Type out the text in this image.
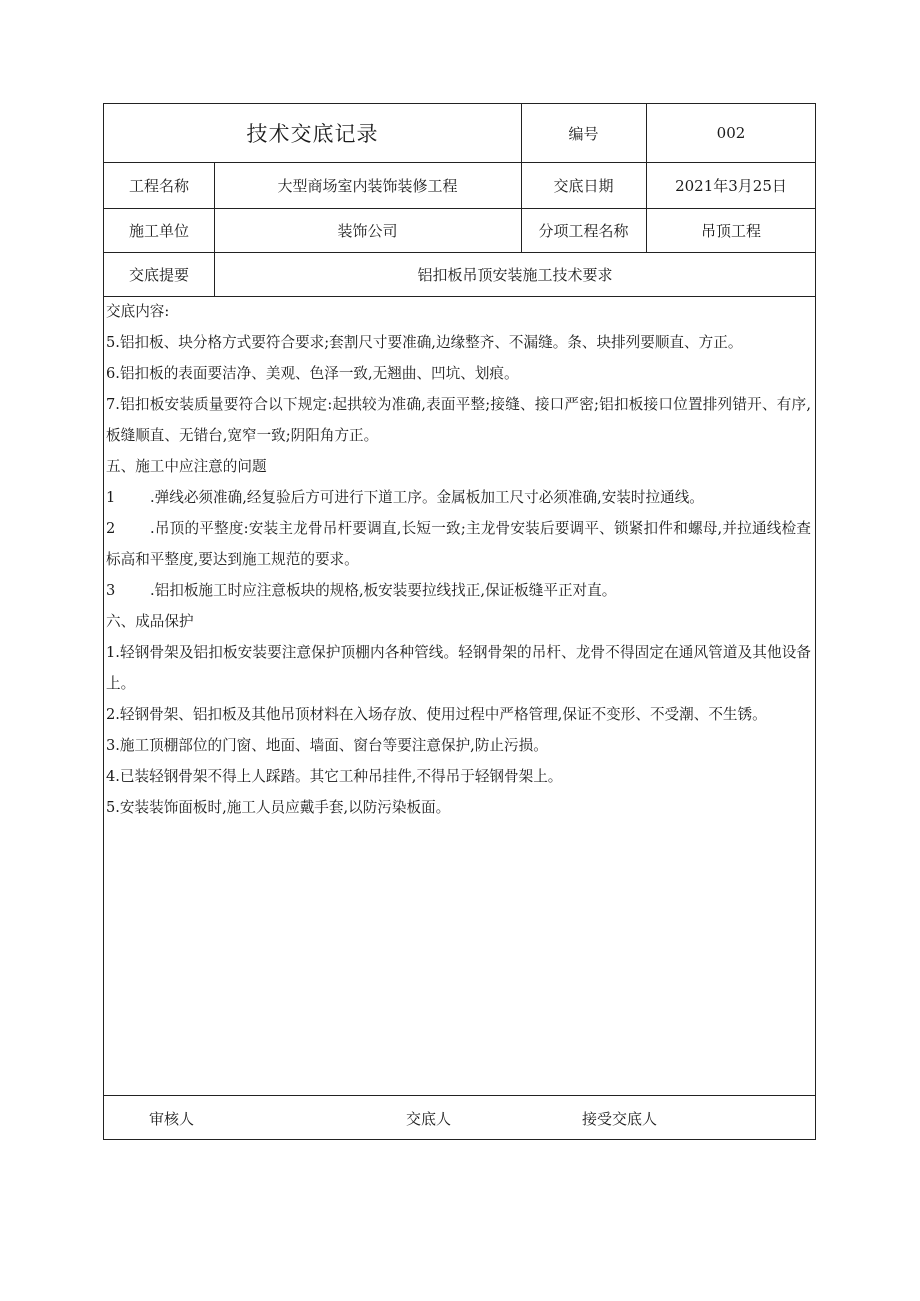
技术交底记录	编号	002
工程名称	大型商场室内装饰装修工程	交底日期	2021年3月25日
施工单位	装饰公司	分项工程名称	吊顶工程
交底提要	铝扣板吊顶安装施工技术要求

交底内容:

5.铝扣板、块分格方式要符合要求;套割尺寸要准确,边缘整齐、不漏缝。条、块排列要顺直、方正。

6.铝扣板的表面要洁净、美观、色泽一致,无翘曲、凹坑、划痕。

7.铝扣板安装质量要符合以下规定:起拱较为准确,表面平整;接缝、接口严密;铝扣板接口位置排列错开、有序,板缝顺直、无错台,宽窄一致;阴阳角方正。

五、施工中应注意的问题

1	.弹线必须准确,经复验后方可进行下道工序。金属板加工尺寸必须准确,安装时拉通线。
2	.吊顶的平整度:安装主龙骨吊杆要调直,长短一致;主龙骨安装后要调平、锁紧扣件和螺母,并拉通线检查标高和平整度,要达到施工规范的要求。
3	.铝扣板施工时应注意板块的规格,板安装要拉线找正,保证板缝平正对直。

六、成品保护

1.轻钢骨架及铝扣板安装要注意保护顶棚内各种管线。轻钢骨架的吊杆、龙骨不得固定在通风管道及其他设备上。

2.轻钢骨架、铝扣板及其他吊顶材料在入场存放、使用过程中严格管理,保证不变形、不受潮、不生锈。

3.施工顶棚部位的门窗、地面、墙面、窗台等要注意保护,防止污损。

4.已装轻钢骨架不得上人踩踏。其它工种吊挂件,不得吊于轻钢骨架上。

5.安装装饰面板时,施工人员应戴手套,以防污染板面。

审核人	交底人	接受交底人
